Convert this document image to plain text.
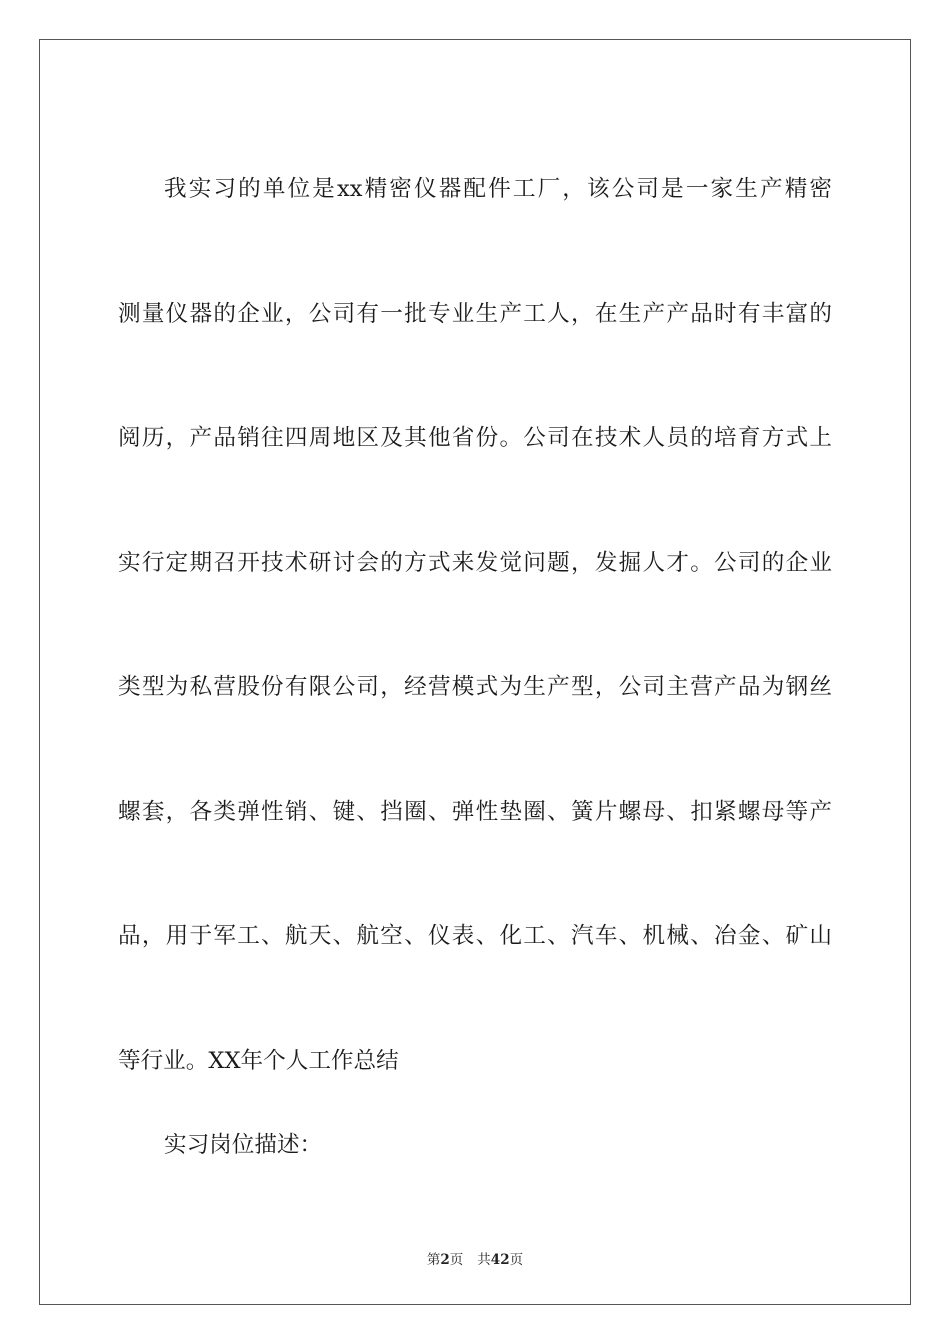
我实习的单位是xx精密仪器配件工厂，该公司是一家生产精密
测量仪器的企业，公司有一批专业生产工人，在生产产品时有丰富的
阅历，产品销往四周地区及其他省份。公司在技术人员的培育方式上
实行定期召开技术研讨会的方式来发觉问题，发掘人才。公司的企业
类型为私营股份有限公司，经营模式为生产型，公司主营产品为钢丝
螺套，各类弹性销、键、挡圈、弹性垫圈、簧片螺母、扣紧螺母等产
品，用于军工、航天、航空、仪表、化工、汽车、机械、冶金、矿山
等行业。XX年个人工作总结
实习岗位描述：
第2页 共42页
